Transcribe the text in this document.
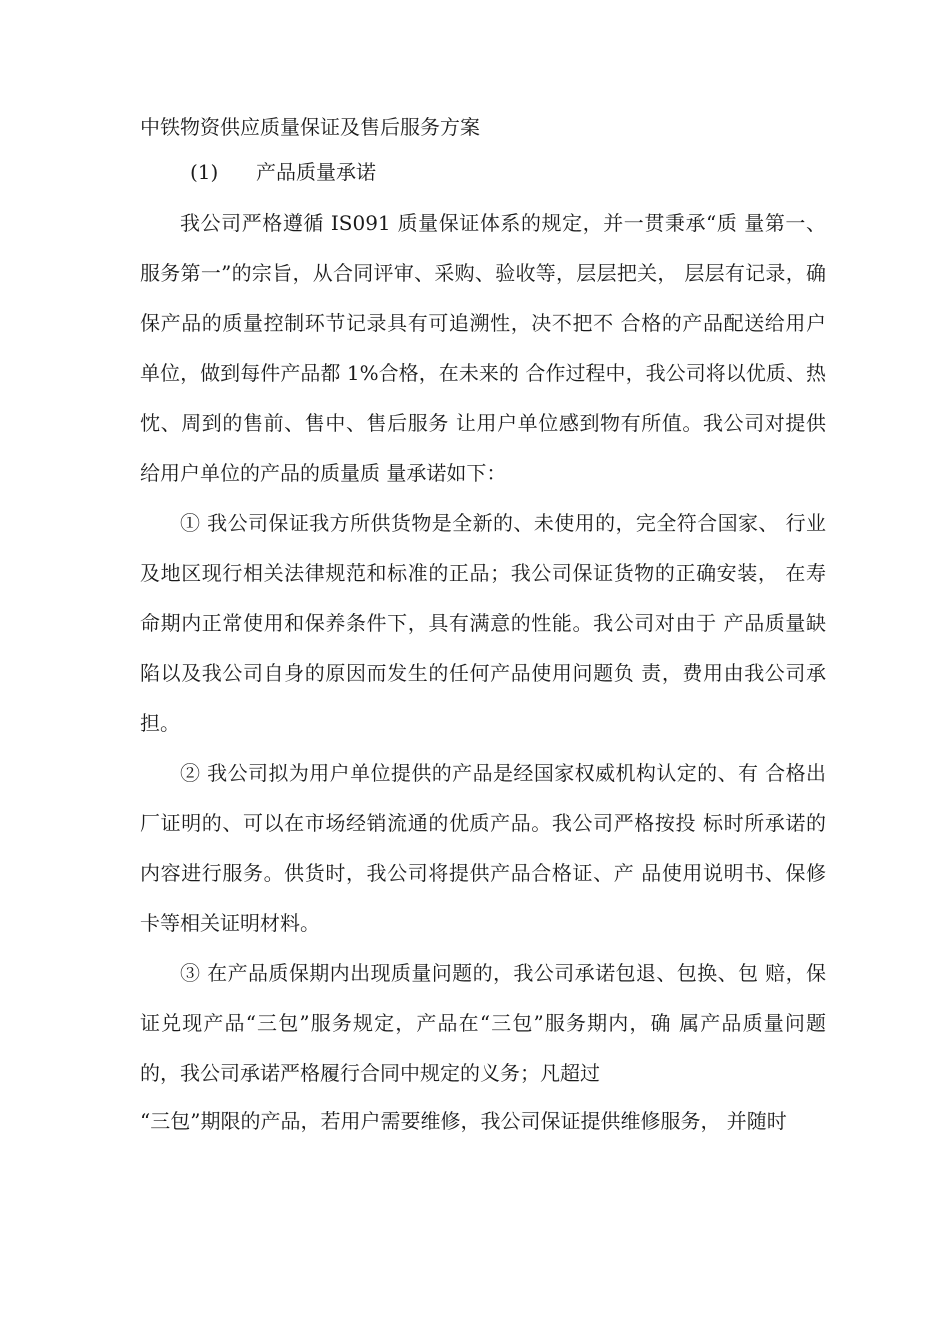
中铁物资供应质量保证及售后服务方案
(1) 产品质量承诺

我公司严格遵循 IS091 质量保证体系的规定，并一贯秉承“质 量第一、服务第一”的宗旨，从合同评审、采购、验收等，层层把关， 层层有记录，确保产品的质量控制环节记录具有可追溯性，决不把不 合格的产品配送给用户单位，做到每件产品都 1%合格，在未来的 合作过程中，我公司将以优质、热忱、周到的售前、售中、售后服务 让用户单位感到物有所值。我公司对提供给用户单位的产品的质量质 量承诺如下：

① 我公司保证我方所供货物是全新的、未使用的，完全符合国家、 行业及地区现行相关法律规范和标准的正品；我公司保证货物的正确安装， 在寿命期内正常使用和保养条件下，具有满意的性能。我公司对由于 产品质量缺陷以及我公司自身的原因而发生的任何产品使用问题负 责，费用由我公司承担。

② 我公司拟为用户单位提供的产品是经国家权威机构认定的、有 合格出厂证明的、可以在市场经销流通的优质产品。我公司严格按投 标时所承诺的内容进行服务。供货时，我公司将提供产品合格证、产 品使用说明书、保修卡等相关证明材料。

③ 在产品质保期内出现质量问题的，我公司承诺包退、包换、包 赔，保证兑现产品“三包”服务规定，产品在“三包”服务期内，确 属产品质量问题的，我公司承诺严格履行合同中规定的义务；凡超过

“三包”期限的产品，若用户需要维修，我公司保证提供维修服务， 并随时
